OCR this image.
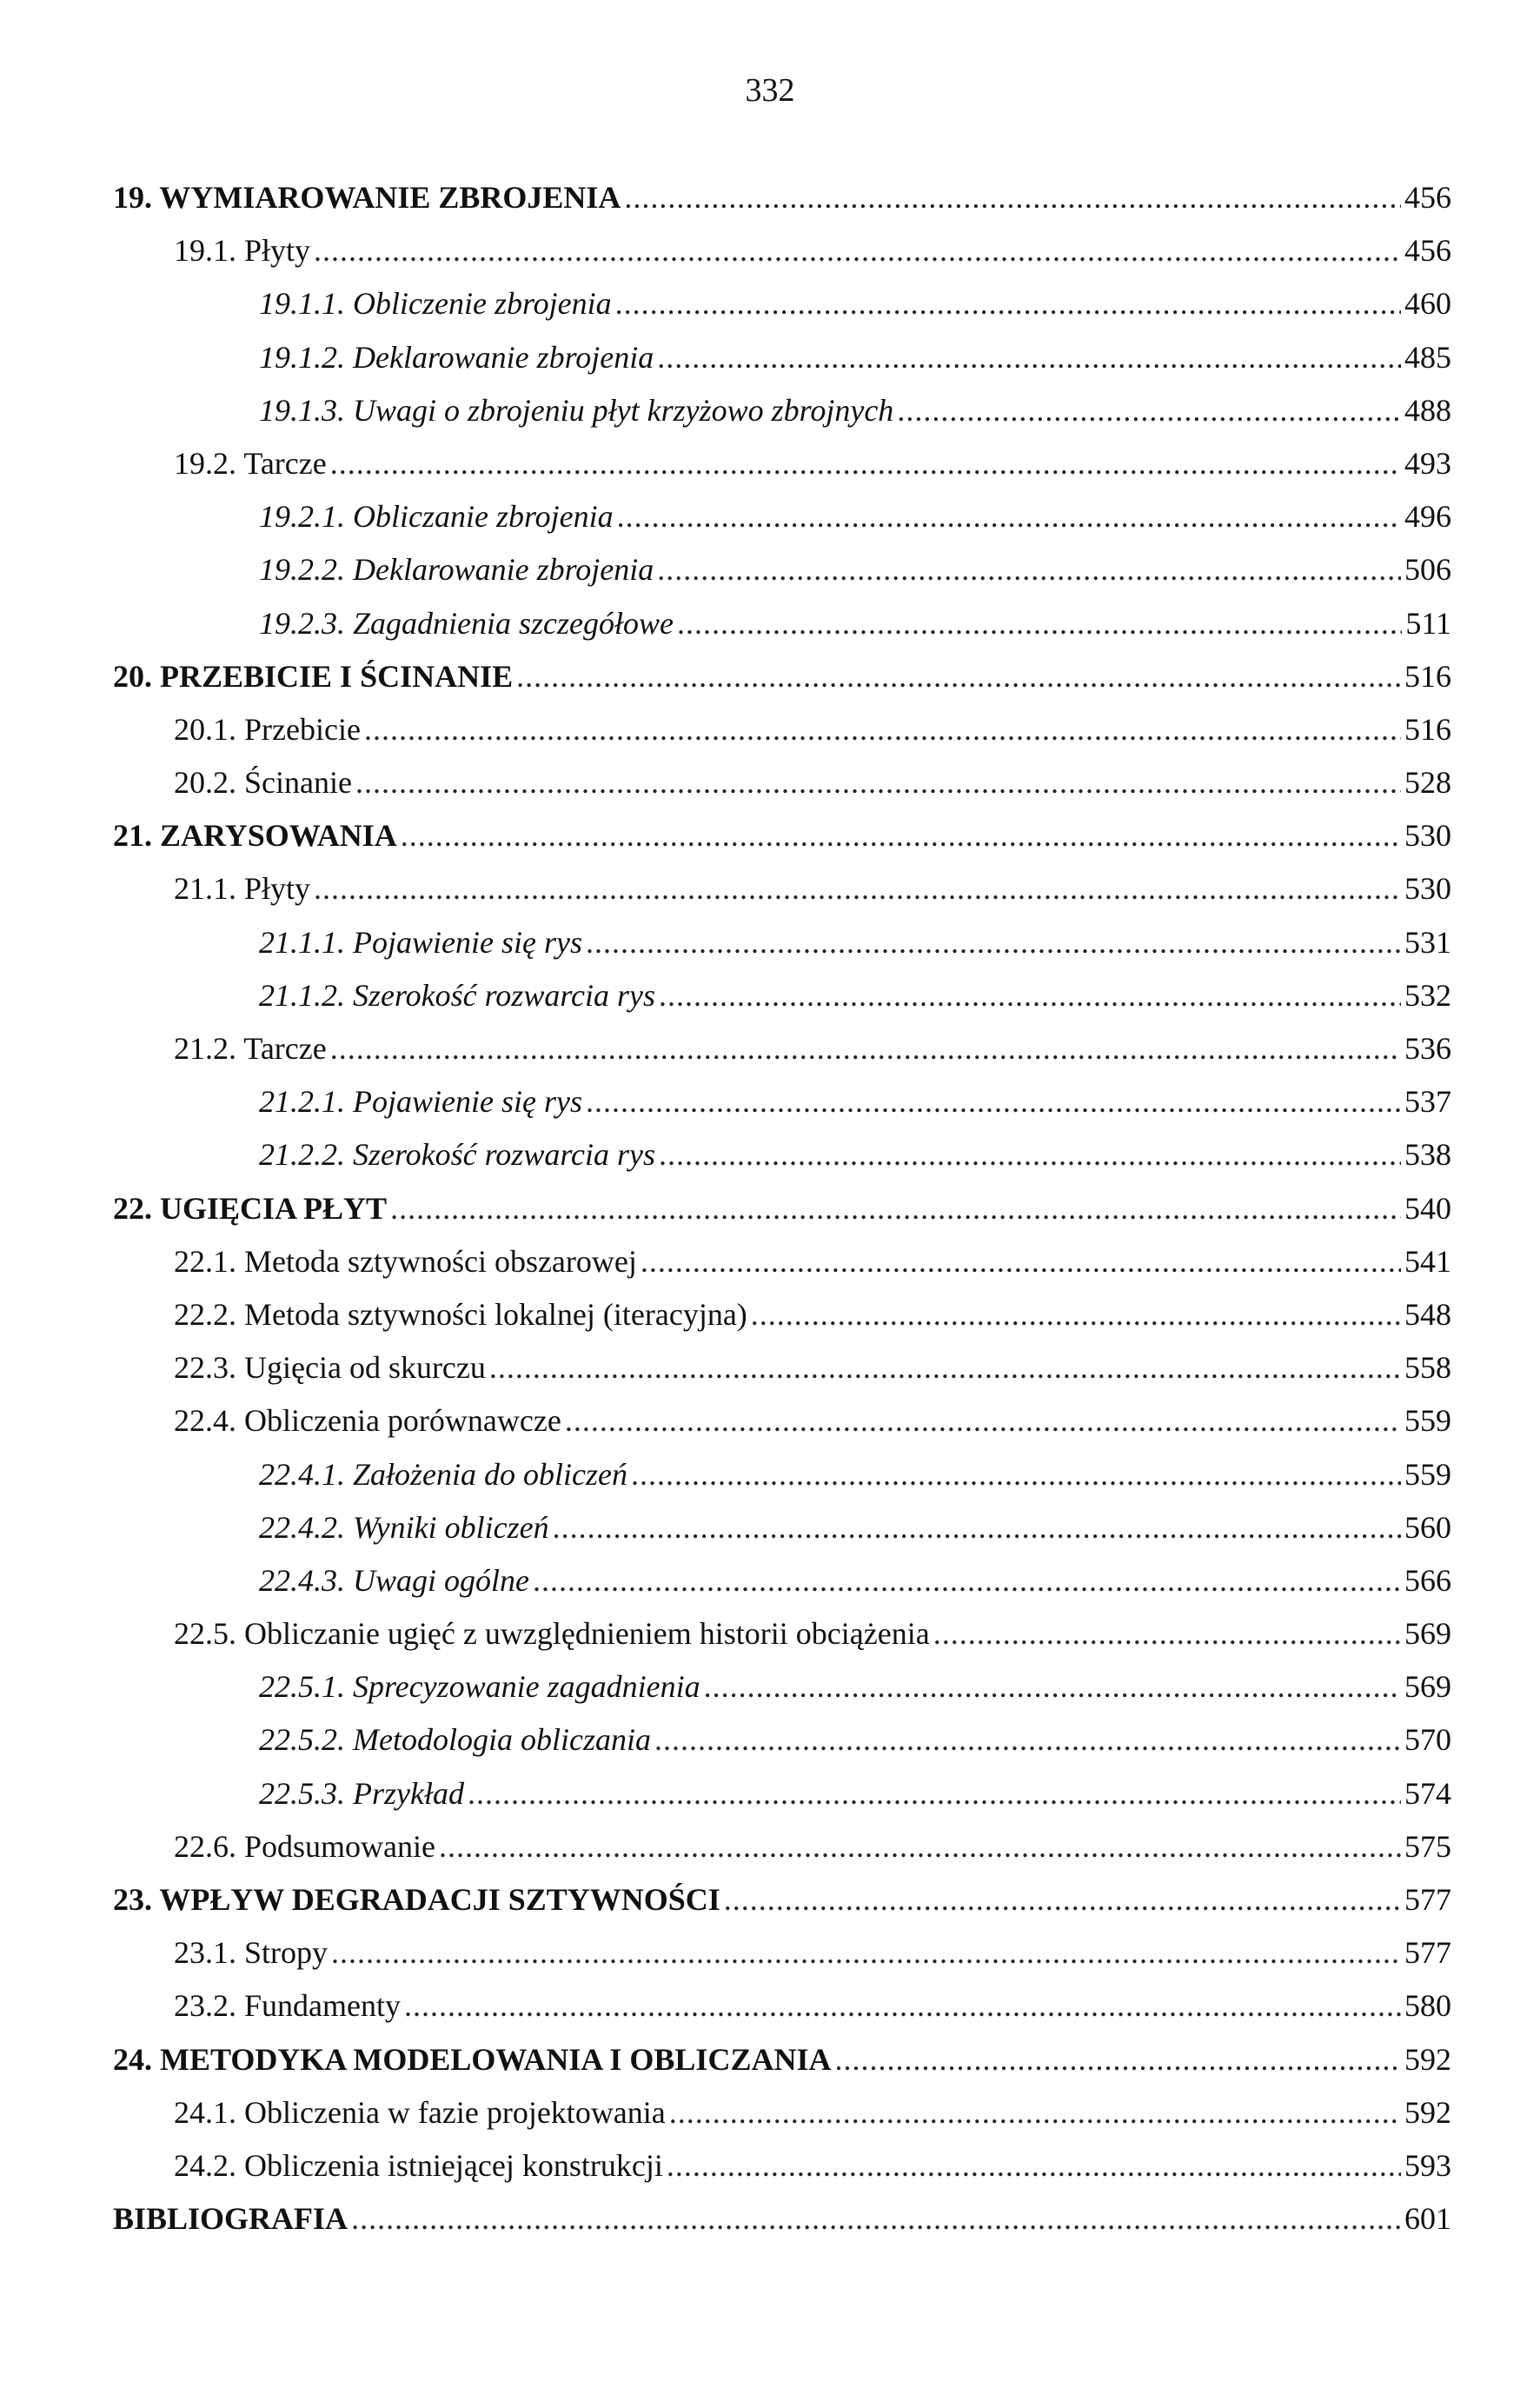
332
19. WYMIAROWANIE ZBROJENIA .....	456
19.1. Płyty .....	456
19.1.1. Obliczenie zbrojenia .....	460
19.1.2. Deklarowanie zbrojenia .....	485
19.1.3. Uwagi o zbrojeniu płyt krzyżowo zbrojnych .....	488
19.2. Tarcze .....	493
19.2.1. Obliczanie zbrojenia .....	496
19.2.2. Deklarowanie zbrojenia .....	506
19.2.3. Zagadnienia szczegółowe .....	511
20. PRZEBICIE I ŚCINANIE .....	516
20.1. Przebicie .....	516
20.2. Ścinanie .....	528
21. ZARYSOWANIA .....	530
21.1. Płyty .....	530
21.1.1. Pojawienie się rys .....	531
21.1.2. Szerokość rozwarcia rys .....	532
21.2. Tarcze .....	536
21.2.1. Pojawienie się rys .....	537
21.2.2. Szerokość rozwarcia rys .....	538
22. UGIĘCIA PŁYT .....	540
22.1. Metoda sztywności obszarowej .....	541
22.2. Metoda sztywności lokalnej (iteracyjna) .....	548
22.3. Ugięcia od skurczu .....	558
22.4. Obliczenia porównawcze .....	559
22.4.1. Założenia do obliczeń .....	559
22.4.2. Wyniki obliczeń .....	560
22.4.3. Uwagi ogólne .....	566
22.5. Obliczanie ugięć z uwzględnieniem historii obciążenia .....	569
22.5.1. Sprecyzowanie zagadnienia .....	569
22.5.2. Metodologia obliczania .....	570
22.5.3. Przykład .....	574
22.6. Podsumowanie .....	575
23. WPŁYW DEGRADACJI SZTYWNOŚCI .....	577
23.1. Stropy .....	577
23.2. Fundamenty .....	580
24. METODYKA MODELOWANIA I OBLICZANIA .....	592
24.1. Obliczenia w fazie projektowania .....	592
24.2. Obliczenia istniejącej konstrukcji .....	593
BIBLIOGRAFIA .....	601
